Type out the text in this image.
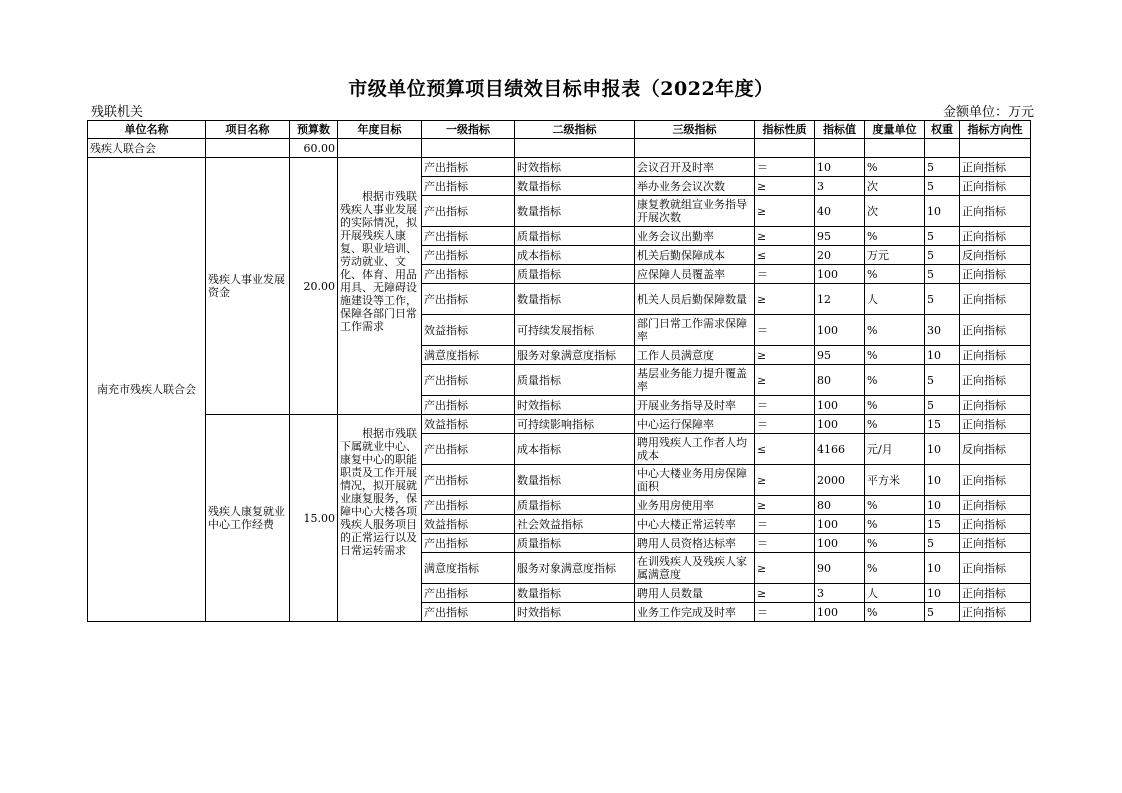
市级单位预算项目绩效目标申报表（2022年度）
残联机关	金额单位：万元
单位名称	项目名称	预算数	年度目标	一级指标	二级指标	三级指标	指标性质	指标值	度量单位	权重	指标方向性
残疾人联合会		60.00									
南充市残疾人联合会	残疾人事业发展资金	20.00	根据市残联残疾人事业发展的实际情况，拟开展残疾人康复、职业培训、劳动就业、文化、体育、用品用具、无障碍设施建设等工作，保障各部门日常工作需求	产出指标	时效指标	会议召开及时率	＝	10	%	5	正向指标
				产出指标	数量指标	举办业务会议次数	≥	3	次	5	正向指标
				产出指标	数量指标	康复教就组宣业务指导开展次数	≥	40	次	10	正向指标
				产出指标	质量指标	业务会议出勤率	≥	95	%	5	正向指标
				产出指标	成本指标	机关后勤保障成本	≤	20	万元	5	反向指标
				产出指标	质量指标	应保障人员覆盖率	＝	100	%	5	正向指标
				产出指标	数量指标	机关人员后勤保障数量	≥	12	人	5	正向指标
				效益指标	可持续发展指标	部门日常工作需求保障率	＝	100	%	30	正向指标
				满意度指标	服务对象满意度指标	工作人员满意度	≥	95	%	10	正向指标
				产出指标	质量指标	基层业务能力提升覆盖率	≥	80	%	5	正向指标
				产出指标	时效指标	开展业务指导及时率	＝	100	%	5	正向指标
	残疾人康复就业中心工作经费	15.00	根据市残联下属就业中心、康复中心的职能职责及工作开展情况，拟开展就业康复服务，保障中心大楼各项残疾人服务项目的正常运行以及日常运转需求	效益指标	可持续影响指标	中心运行保障率	＝	100	%	15	正向指标
				产出指标	成本指标	聘用残疾人工作者人均成本	≤	4166	元/月	10	反向指标
				产出指标	数量指标	中心大楼业务用房保障面积	≥	2000	平方米	10	正向指标
				产出指标	质量指标	业务用房使用率	≥	80	%	10	正向指标
				效益指标	社会效益指标	中心大楼正常运转率	＝	100	%	15	正向指标
				产出指标	质量指标	聘用人员资格达标率	＝	100	%	5	正向指标
				满意度指标	服务对象满意度指标	在训残疾人及残疾人家属满意度	≥	90	%	10	正向指标
				产出指标	数量指标	聘用人员数量	≥	3	人	10	正向指标
				产出指标	时效指标	业务工作完成及时率	＝	100	%	5	正向指标
